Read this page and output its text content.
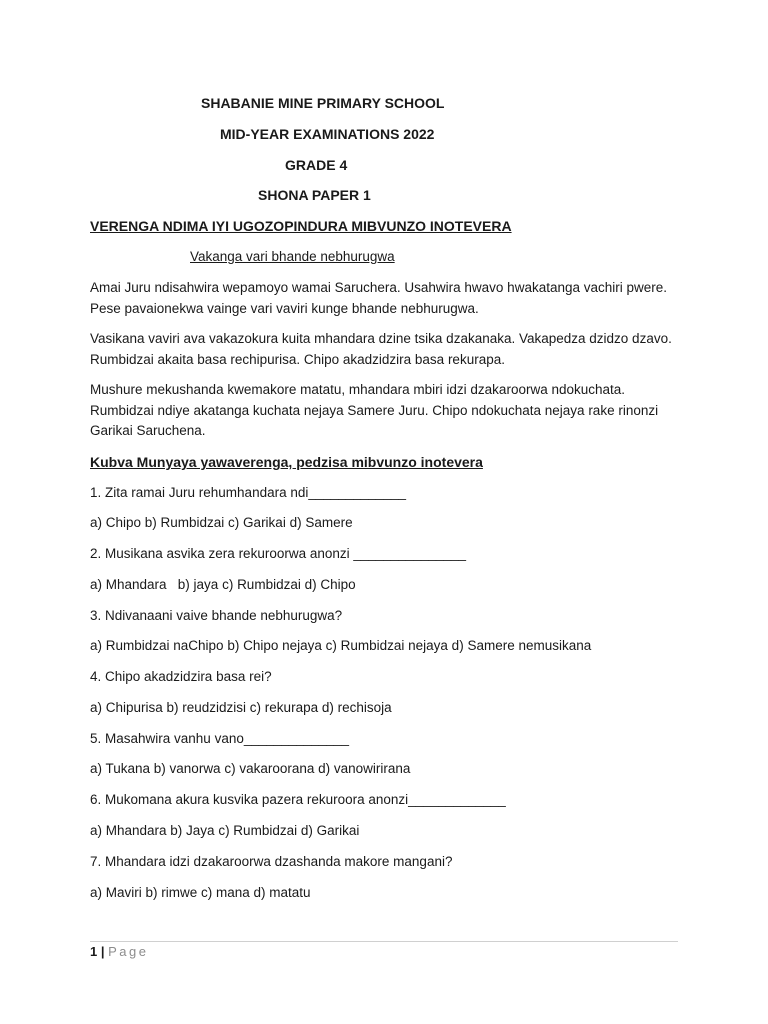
SHABANIE MINE PRIMARY SCHOOL
MID-YEAR EXAMINATIONS 2022
GRADE 4
SHONA PAPER 1
VERENGA NDIMA IYI UGOZOPINDURA MIBVUNZO INOTEVERA
Vakanga vari bhande nebhurugwa
Amai Juru ndisahwira wepamoyo wamai Saruchera. Usahwira hwavo hwakatanga vachiri pwere. Pese pavaionekwa vainge vari vaviri kunge bhande nebhurugwa.
Vasikana vaviri ava vakazokura kuita mhandara dzine tsika dzakanaka. Vakapedza dzidzo dzavo. Rumbidzai akaita basa rechipurisa. Chipo akadzidzira basa rekurapa.
Mushure mekushanda kwemakore matatu, mhandara mbiri idzi dzakaroorwa ndokuchata. Rumbidzai ndiye akatanga kuchata nejaya Samere Juru. Chipo ndokuchata nejaya rake rinonzi Garikai Saruchena.
Kubva Munyaya yawaverenga, pedzisa mibvunzo inotevera
1. Zita ramai Juru rehumhandara ndi_____________
a) Chipo b) Rumbidzai c) Garikai d) Samere
2. Musikana asvika zera rekuroorwa anonzi _______________
a) Mhandara   b) jaya c) Rumbidzai d) Chipo
3. Ndivanaani vaive bhande nebhurugwa?
a) Rumbidzai naChipo b) Chipo nejaya c) Rumbidzai nejaya d) Samere nemusikana
4. Chipo akadzidzira basa rei?
a) Chipurisa b) reudzidzisi c) rekurapa d) rechisoja
5. Masahwira vanhu vano______________
a) Tukana b) vanorwa c) vakaroorana d) vanowirirana
6. Mukomana akura kusvika pazera rekuroora anonzi_____________
a) Mhandara b) Jaya c) Rumbidzai d) Garikai
7. Mhandara idzi dzakaroorwa dzashanda makore mangani?
a) Maviri b) rimwe c) mana d) matatu
1 | Page
